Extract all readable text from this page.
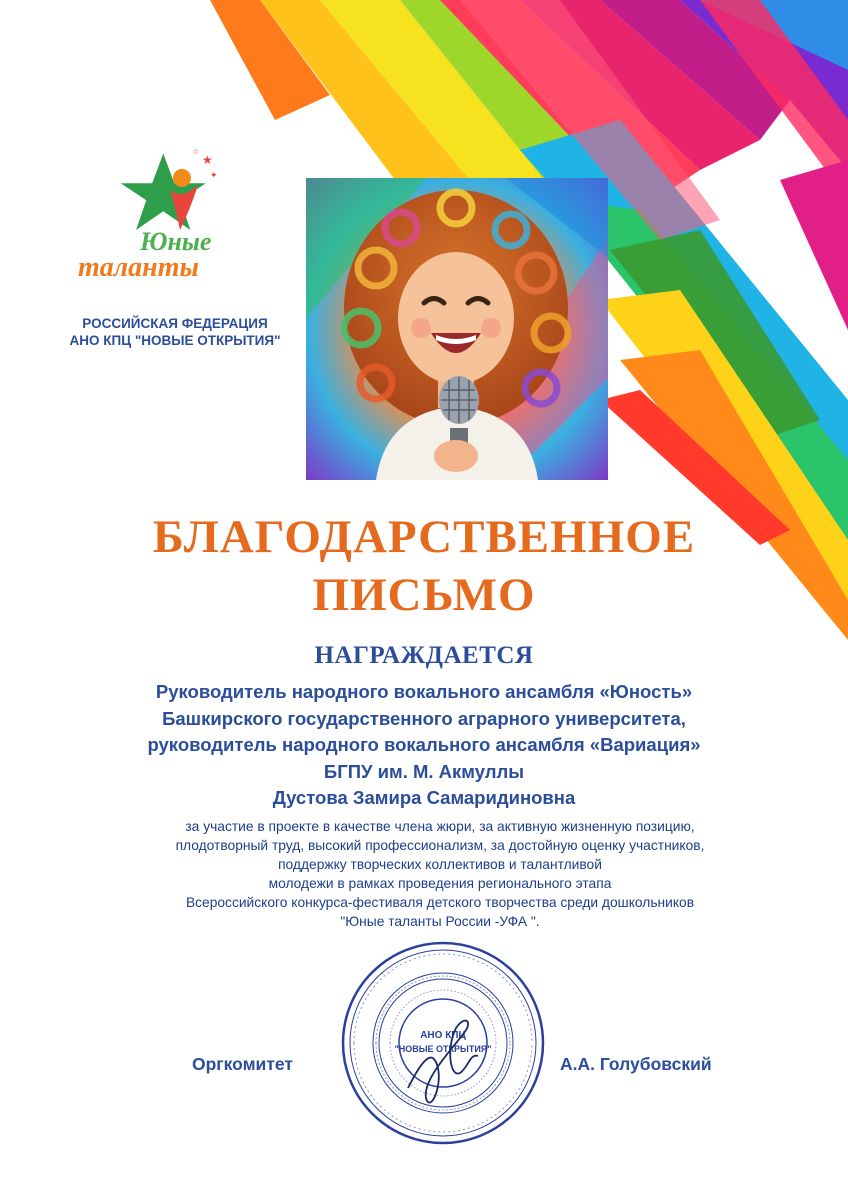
★
✦
☆
Юные
таланты
РОССИЙСКАЯ ФЕДЕРАЦИЯ
АНО КПЦ "НОВЫЕ ОТКРЫТИЯ"
БЛАГОДАРСТВЕННОЕ
ПИСЬМО
НАГРАЖДАЕТСЯ
Руководитель народного вокального ансамбля «Юность»
Башкирского государственного аграрного университета,
руководитель народного вокального ансамбля «Вариация»
БГПУ им. М. Акмуллы
Дустова Замира Самаридиновна
за участие в проекте в качестве члена жюри, за активную жизненную позицию,
плодотворный труд, высокий профессионализм, за достойную оценку участников,
поддержку творческих коллективов и талантливой
молодежи в рамках проведения регионального этапа
Всероссийского конкурса-фестиваля детского творчества среди дошкольников
"Юные таланты России -УФА ".
АНО КПЦ
"НОВЫЕ ОТКРЫТИЯ"
Оргкомитет	А.А. Голубовский
